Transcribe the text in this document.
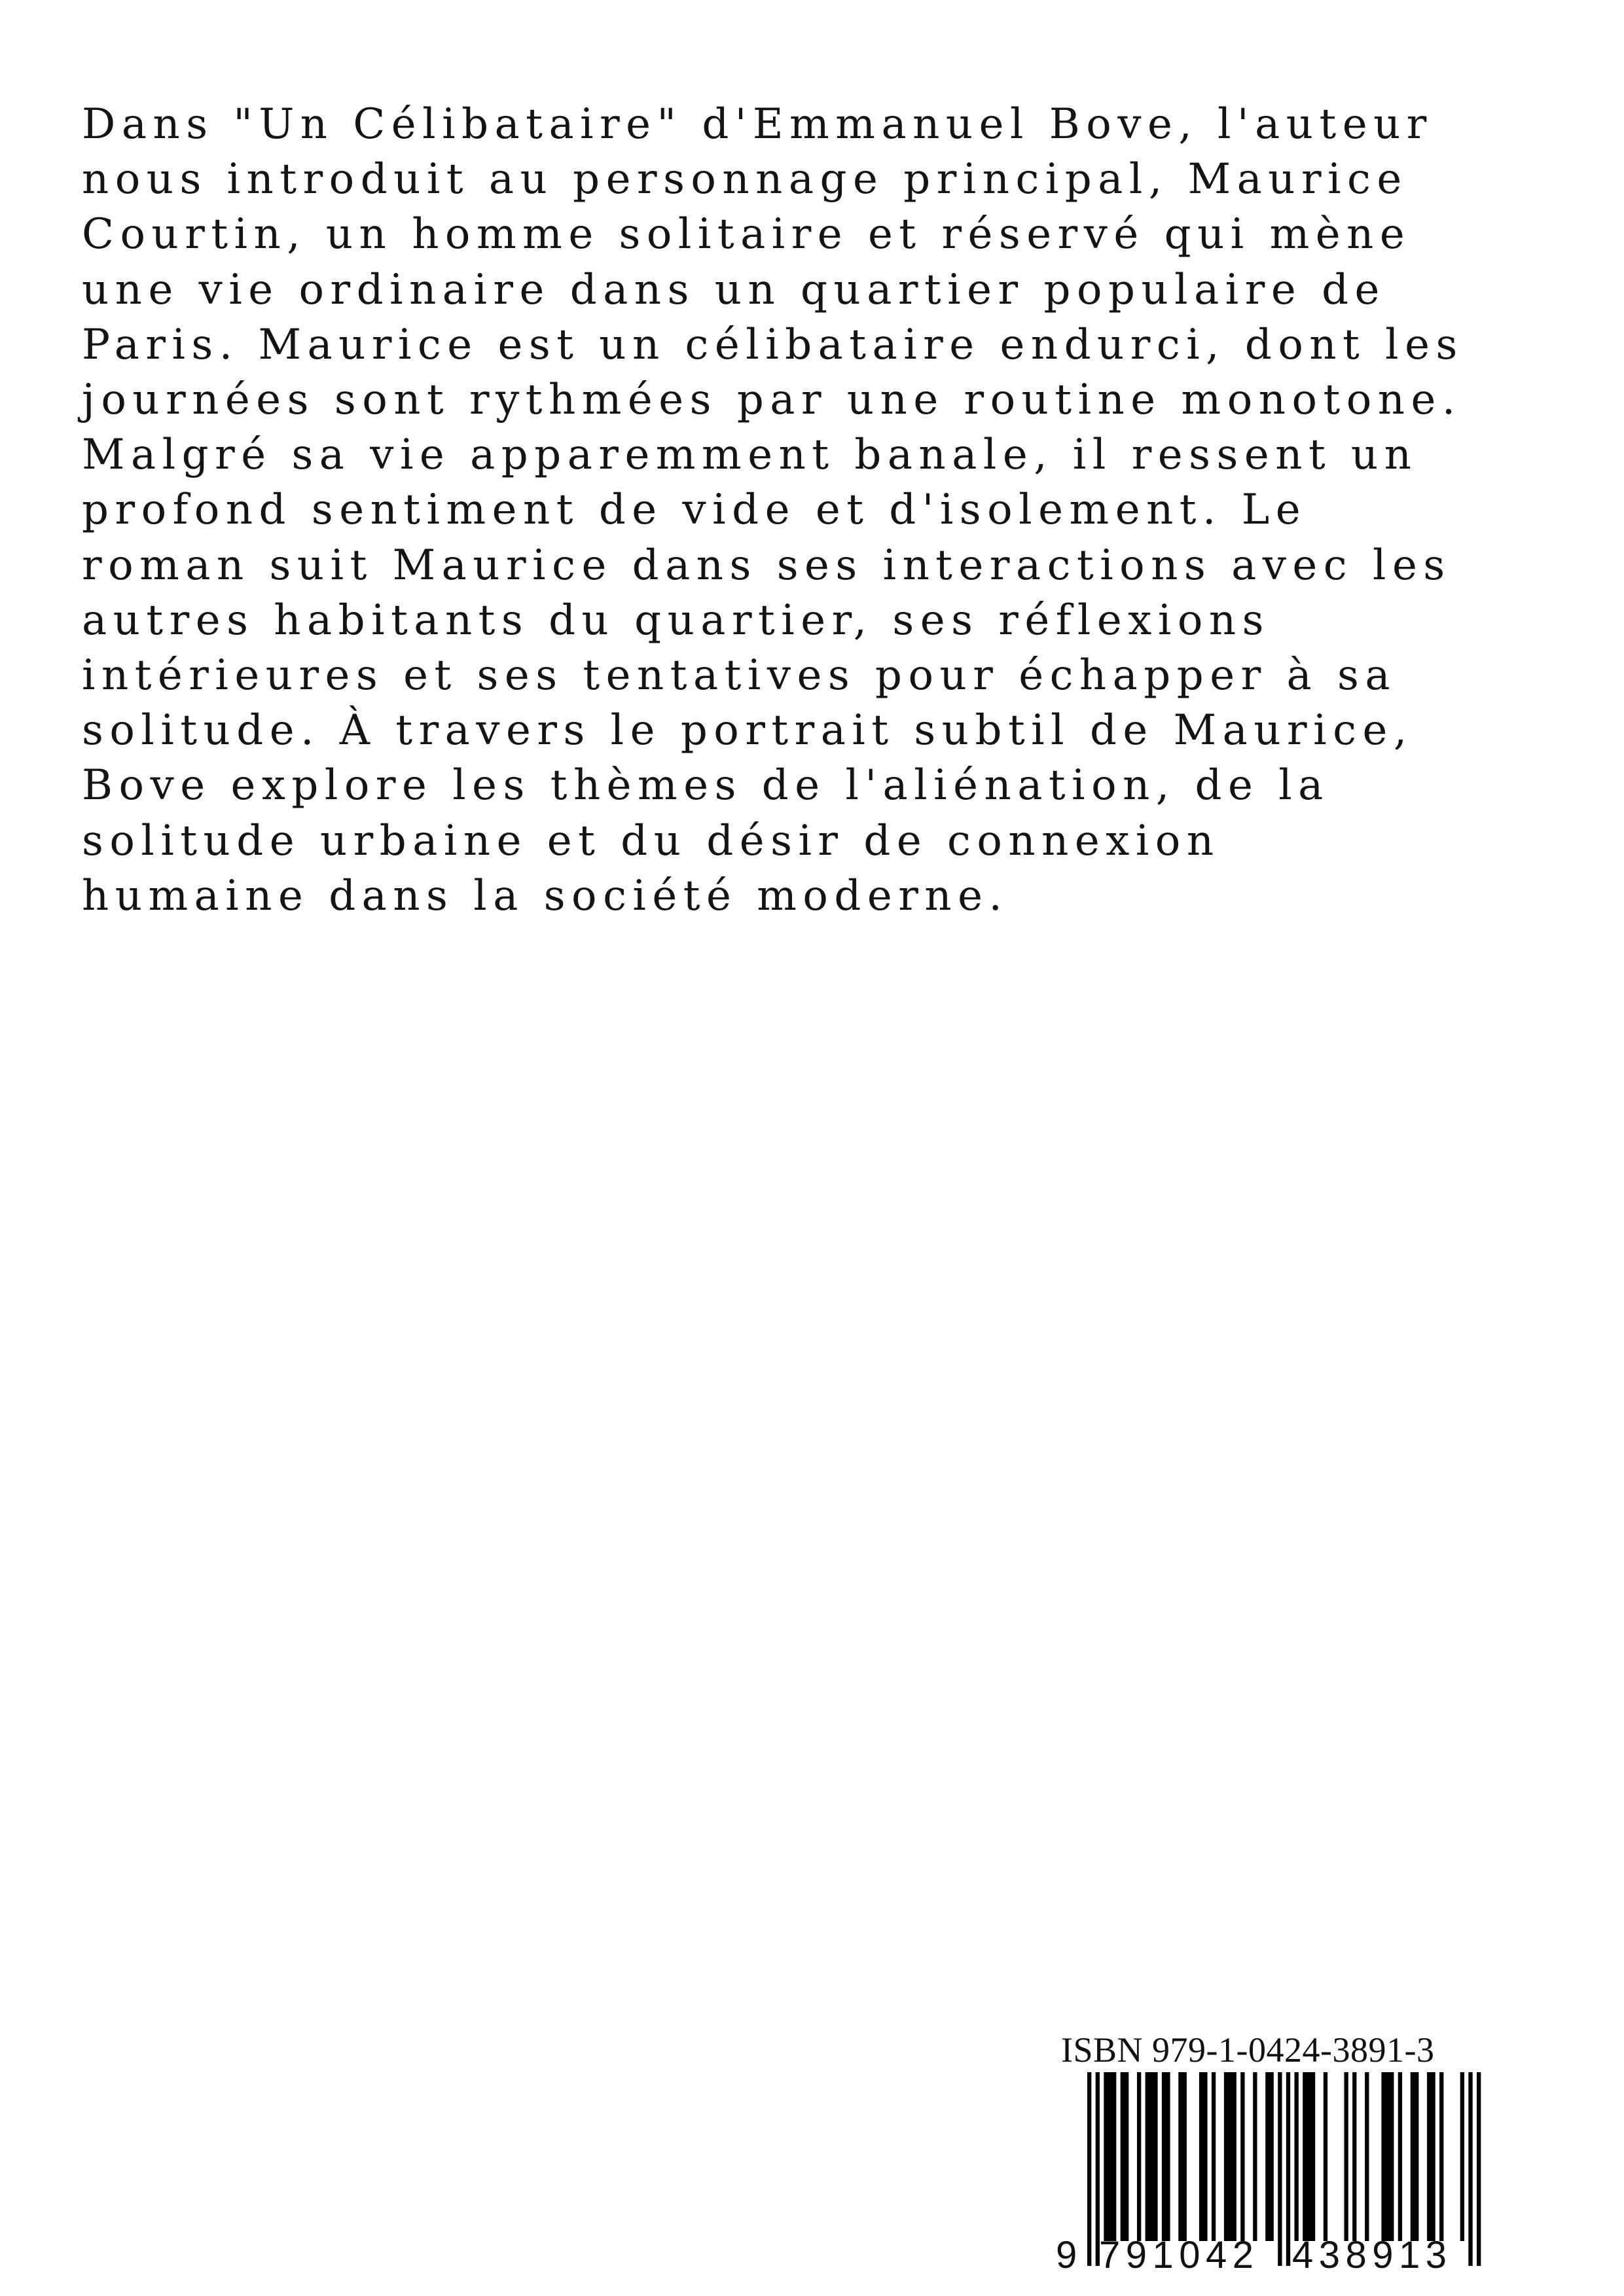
Dans "Un Célibataire" d'Emmanuel Bove, l'auteur
nous introduit au personnage principal, Maurice
Courtin, un homme solitaire et réservé qui mène
une vie ordinaire dans un quartier populaire de
Paris. Maurice est un célibataire endurci, dont les
journées sont rythmées par une routine monotone.
Malgré sa vie apparemment banale, il ressent un
profond sentiment de vide et d'isolement. Le
roman suit Maurice dans ses interactions avec les
autres habitants du quartier, ses réflexions
intérieures et ses tentatives pour échapper à sa
solitude. À travers le portrait subtil de Maurice,
Bove explore les thèmes de l'aliénation, de la
solitude urbaine et du désir de connexion
humaine dans la société moderne.
ISBN 979-1-0424-3891-3
9 791042 438913
